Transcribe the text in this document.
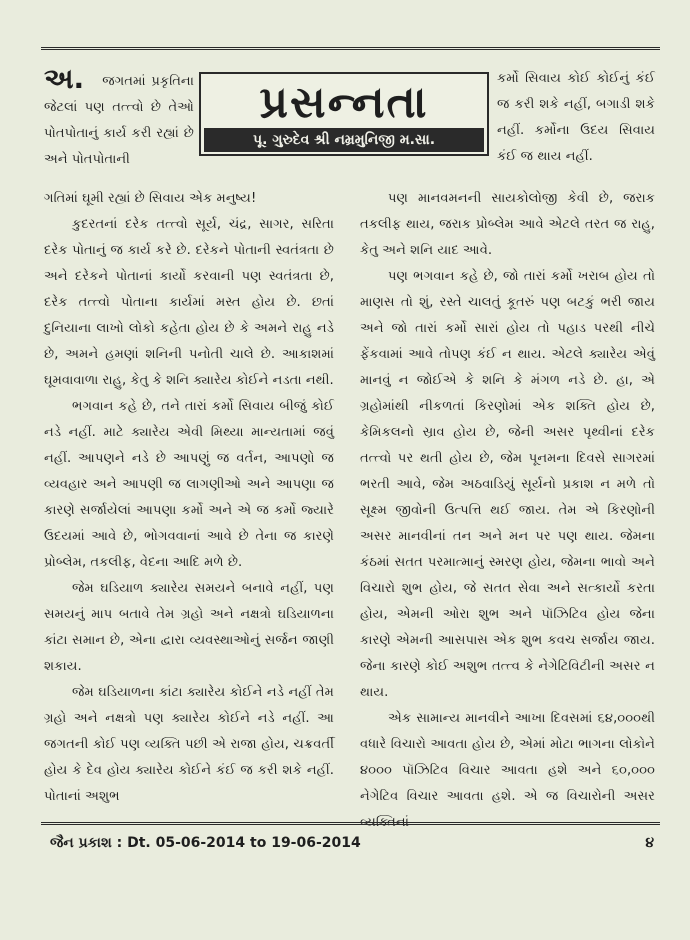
પ્રસન્નતા
પૂ. ગુરુદેવ શ્રી નમ્રમુનિજી મ.સા.

અ. જગતમાં પ્રકૃતિના જેટલાં પણ તત્ત્વો છે તેઓ પોતપોતાનું કાર્ય કરી રહ્યાં છે અને પોતપોતાની

કર્મો સિવાય કોઈ કોઈનું કંઈ જ કરી શકે નહીં, બગાડી શકે નહીં. કર્મોના ઉદય સિવાય કંઈ જ થાય નહીં.

ગતિમાં ઘૂમી રહ્યાં છે સિવાય એક મનુષ્ય!

કુદરતનાં દરેક તત્ત્વો સૂર્ય, ચંદ્ર, સાગર, સરિતા દરેક પોતાનું જ કાર્ય કરે છે. દરેકને પોતાની સ્વતંત્રતા છે અને દરેકને પોતાનાં કાર્યો કરવાની પણ સ્વતંત્રતા છે, દરેક તત્ત્વો પોતાના કાર્યમાં મસ્ત હોય છે. છતાં દુનિયાના લાખો લોકો કહેતા હોય છે કે અમને રાહુ નડે છે, અમને હમણાં શનિની પનોતી ચાલે છે. આકાશમાં ઘૂમવાવાળા રાહુ, કેતુ કે શનિ ક્યારેય કોઈને નડતા નથી.

ભગવાન કહે છે, તને તારાં કર્મો સિવાય બીજું કોઈ નડે નહીં. માટે ક્યારેય એવી મિથ્યા માન્યતામાં જવું નહીં. આપણને નડે છે આપણું જ વર્તન, આપણો જ વ્યવહાર અને આપણી જ લાગણીઓ અને આપણા જ કારણે સર્જાયેલાં આપણા કર્મો અને એ જ કર્મો જ્યારે ઉદયમાં આવે છે, ભોગવવાનાં આવે છે તેના જ કારણે પ્રોબ્લેમ, તકલીફ, વેદના આદિ મળે છે.

જેમ ઘડિયાળ ક્યારેય સમયને બનાવે નહીં, પણ સમયનું માપ બતાવે તેમ ગ્રહો અને નક્ષત્રો ઘડિયાળના કાંટા સમાન છે, એના દ્વારા વ્યવસ્થાઓનું સર્જન જાણી શકાય.

જેમ ઘડિયાળના કાંટા ક્યારેય કોઈને નડે નહીં તેમ ગ્રહો અને નક્ષત્રો પણ ક્યારેય કોઈને નડે નહીં. આ જગતની કોઈ પણ વ્યક્તિ પછી એ રાજા હોય, ચક્રવર્તી હોય કે દેવ હોય ક્યારેય કોઈને કંઈ જ કરી શકે નહીં. પોતાનાં અશુભ

પણ માનવમનની સાયકોલોજી કેવી છે, જરાક તકલીફ થાય, જરાક પ્રોબ્લેમ આવે એટલે તરત જ રાહુ, કેતુ અને શનિ યાદ આવે.

પણ ભગવાન કહે છે, જો તારાં કર્મો ખરાબ હોય તો માણસ તો શું, રસ્તે ચાલતું કૂતરું પણ બટકું ભરી જાય અને જો તારાં કર્મો સારાં હોય તો પહાડ પરથી નીચે ફેંકવામાં આવે તોપણ કંઈ ન થાય. એટલે ક્યારેય એવું માનવું ન જોઈએ કે શનિ કે મંગળ નડે છે. હા, એ ગ્રહોમાંથી નીકળતાં કિરણોમાં એક શક્તિ હોય છે, કેમિકલનો સ્રાવ હોય છે, જેની અસર પૃથ્વીનાં દરેક તત્ત્વો પર થતી હોય છે, જેમ પૂનમના દિવસે સાગરમાં ભરતી આવે, જેમ અઠવાડિયું સૂર્યનો પ્રકાશ ન મળે તો સૂક્ષ્મ જીવોની ઉત્પત્તિ થઈ જાય. તેમ એ કિરણોની અસર માનવીનાં તન અને મન પર પણ થાય. જેમના કંઠમાં સતત પરમાત્માનું સ્મરણ હોય, જેમના ભાવો અને વિચારો શુભ હોય, જે સતત સેવા અને સત્કાર્યો કરતા હોય, એમની ઓરા શુભ અને પૉઝિટિવ હોય જેના કારણે એમની આસપાસ એક શુભ કવચ સર્જાય જાય. જેના કારણે કોઈ અશુભ તત્ત્વ કે નેગેટિવિટીની અસર ન થાય.

એક સામાન્ય માનવીને આખા દિવસમાં ૬૪,૦૦૦થી વધારે વિચારો આવતા હોય છે, એમાં મોટા ભાગના લોકોને ૪૦૦૦ પૉઝિટિવ વિચાર આવતા હશે અને ૬૦,૦૦૦ નેગેટિવ વિચાર આવતા હશે. એ જ વિચારોની અસર વ્યક્તિનાં

જૈન પ્રકાશ : Dt. 05-06-2014 to 19-06-2014	૪
